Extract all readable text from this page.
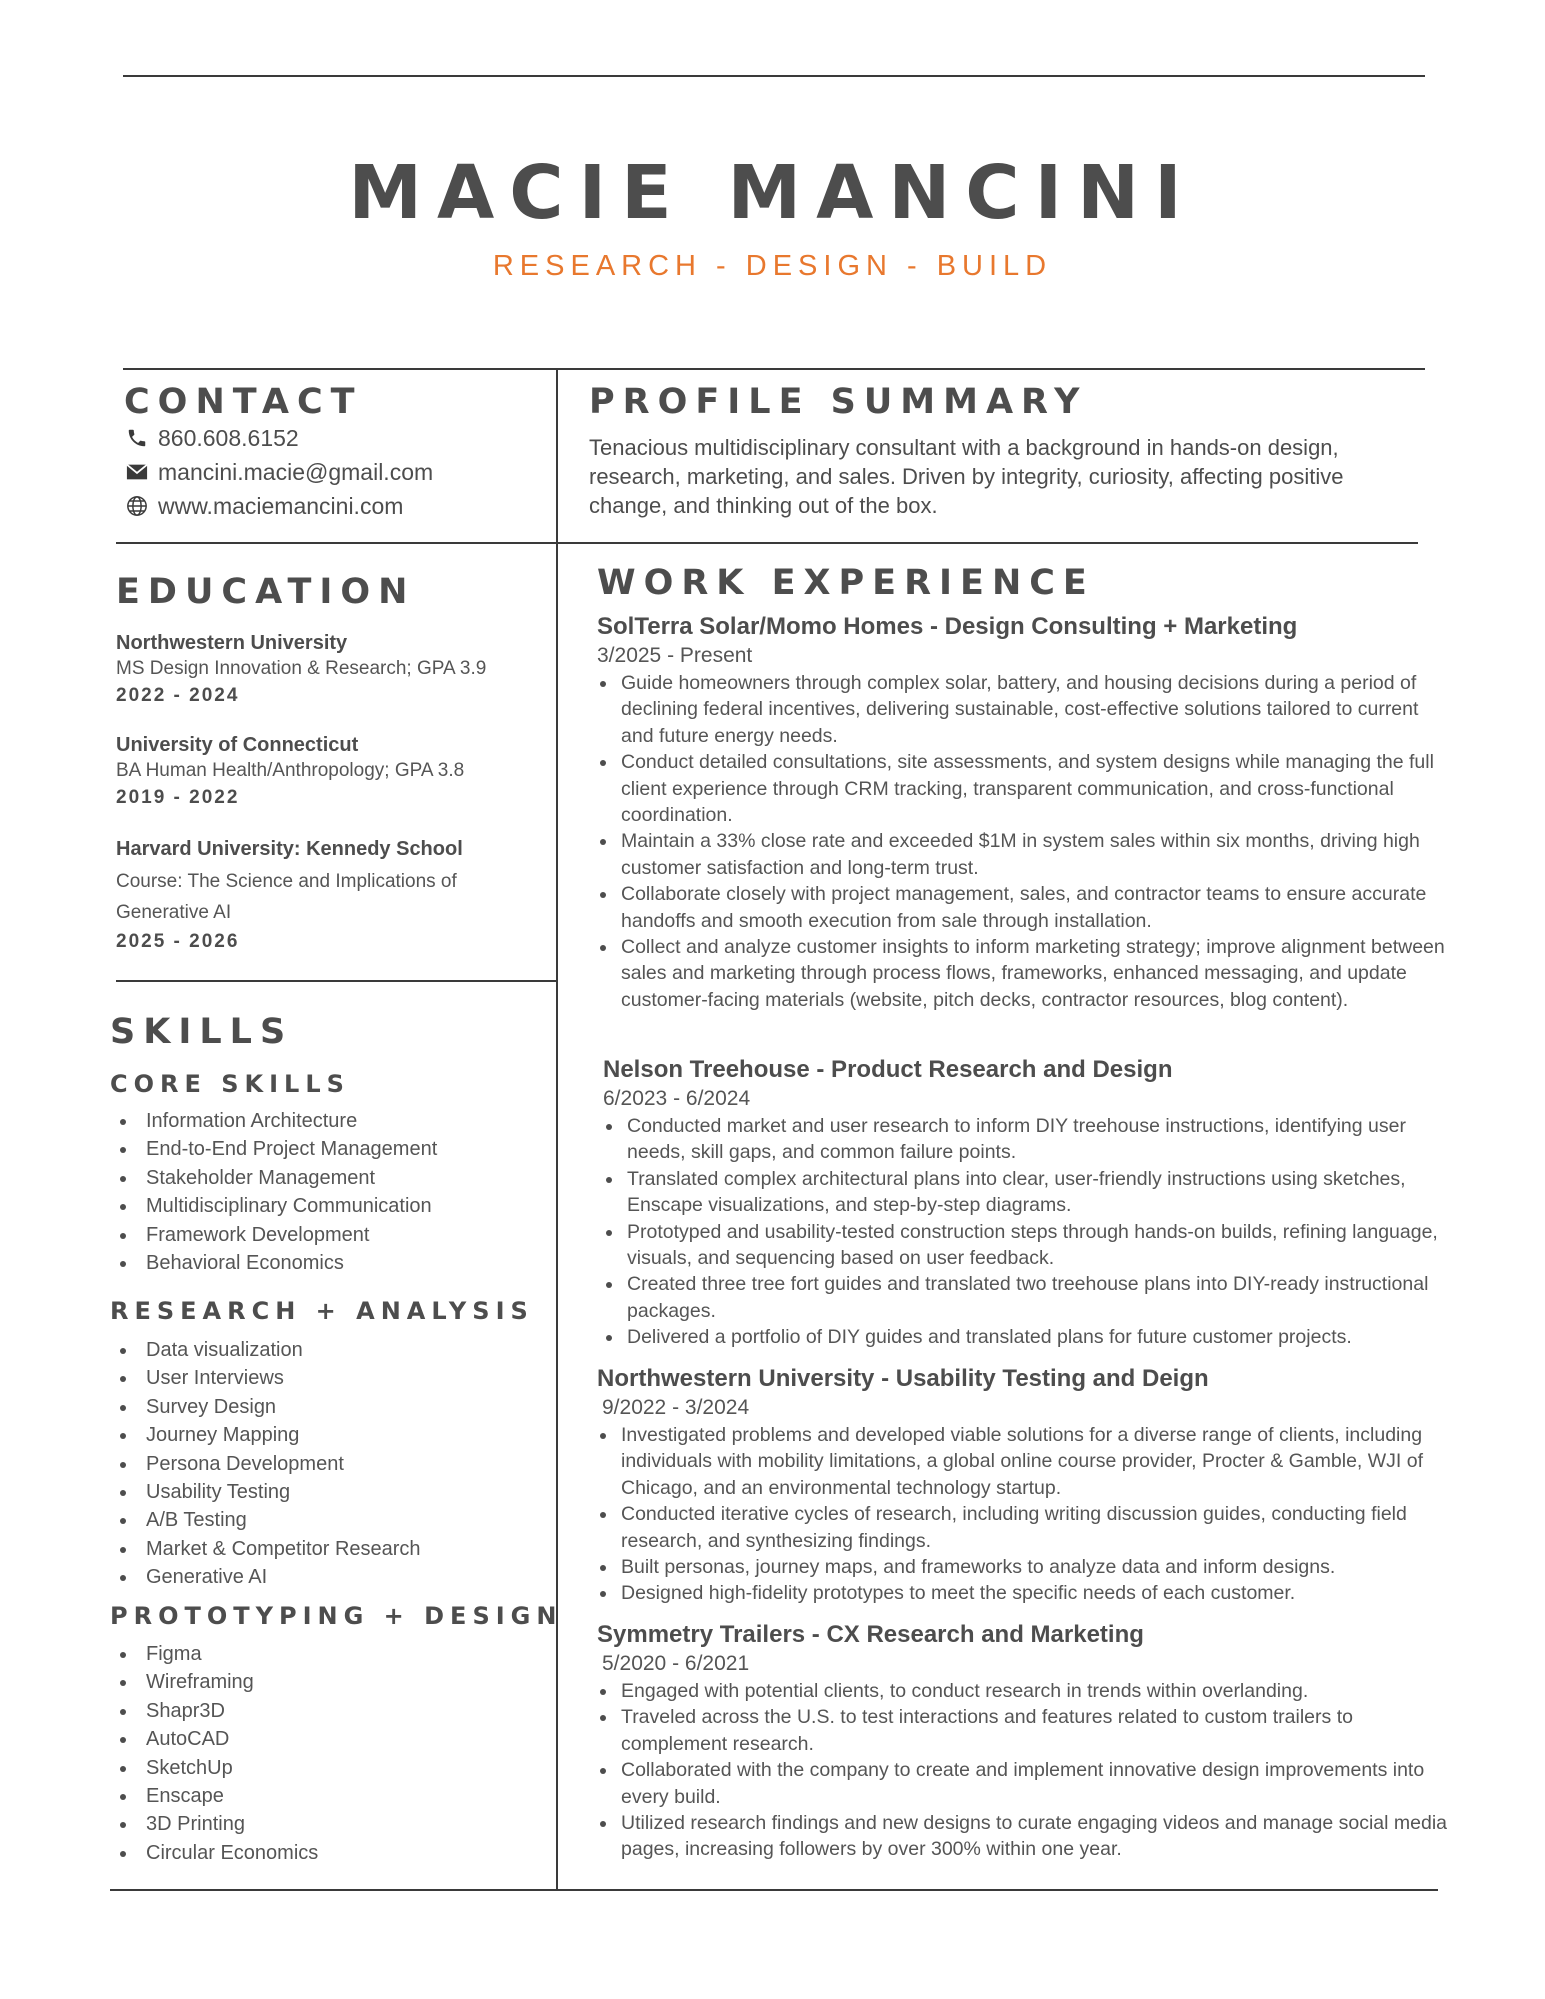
MACIE MANCINI
RESEARCH - DESIGN - BUILD
CONTACT
860.608.6152
mancini.macie@gmail.com
www.maciemancini.com
PROFILE SUMMARY
Tenacious multidisciplinary consultant with a background in hands-on design, research, marketing, and sales. Driven by integrity, curiosity, affecting positive change, and thinking out of the box.
EDUCATION
Northwestern University
MS Design Innovation & Research; GPA 3.9
2022 - 2024
University of Connecticut
BA Human Health/Anthropology; GPA 3.8
2019 - 2022
Harvard University: Kennedy School
Course: The Science and Implications of Generative AI
2025 - 2026
SKILLS
CORE SKILLS
Information Architecture
End-to-End Project Management
Stakeholder Management
Multidisciplinary Communication
Framework Development
Behavioral Economics
RESEARCH + ANALYSIS
Data visualization
User Interviews
Survey Design
Journey Mapping
Persona Development
Usability Testing
A/B Testing
Market & Competitor Research
Generative AI
PROTOTYPING + DESIGN
Figma
Wireframing
Shapr3D
AutoCAD
SketchUp
Enscape
3D Printing
Circular Economics
WORK EXPERIENCE
SolTerra Solar/Momo Homes - Design Consulting + Marketing
3/2025 - Present
Guide homeowners through complex solar, battery, and housing decisions during a period of declining federal incentives, delivering sustainable, cost-effective solutions tailored to current and future energy needs.
Conduct detailed consultations, site assessments, and system designs while managing the full client experience through CRM tracking, transparent communication, and cross-functional coordination.
Maintain a 33% close rate and exceeded $1M in system sales within six months, driving high customer satisfaction and long-term trust.
Collaborate closely with project management, sales, and contractor teams to ensure accurate handoffs and smooth execution from sale through installation.
Collect and analyze customer insights to inform marketing strategy; improve alignment between sales and marketing through process flows, frameworks, enhanced messaging, and update customer-facing materials (website, pitch decks, contractor resources, blog content).
Nelson Treehouse - Product Research and Design
6/2023 - 6/2024
Conducted market and user research to inform DIY treehouse instructions, identifying user needs, skill gaps, and common failure points.
Translated complex architectural plans into clear, user-friendly instructions using sketches, Enscape visualizations, and step-by-step diagrams.
Prototyped and usability-tested construction steps through hands-on builds, refining language, visuals, and sequencing based on user feedback.
Created three tree fort guides and translated two treehouse plans into DIY-ready instructional packages.
Delivered a portfolio of DIY guides and translated plans for future customer projects.
Northwestern University - Usability Testing and Deign
9/2022 - 3/2024
Investigated problems and developed viable solutions for a diverse range of clients, including individuals with mobility limitations, a global online course provider, Procter & Gamble, WJI of Chicago, and an environmental technology startup.
Conducted iterative cycles of research, including writing discussion guides, conducting field research, and synthesizing findings.
Built personas, journey maps, and frameworks to analyze data and inform designs.
Designed high-fidelity prototypes to meet the specific needs of each customer.
Symmetry Trailers - CX Research and Marketing
5/2020 - 6/2021
Engaged with potential clients, to conduct research in trends within overlanding.
Traveled across the U.S. to test interactions and features related to custom trailers to complement research.
Collaborated with the company to create and implement innovative design improvements into every build.
Utilized research findings and new designs to curate engaging videos and manage social media pages, increasing followers by over 300% within one year.
